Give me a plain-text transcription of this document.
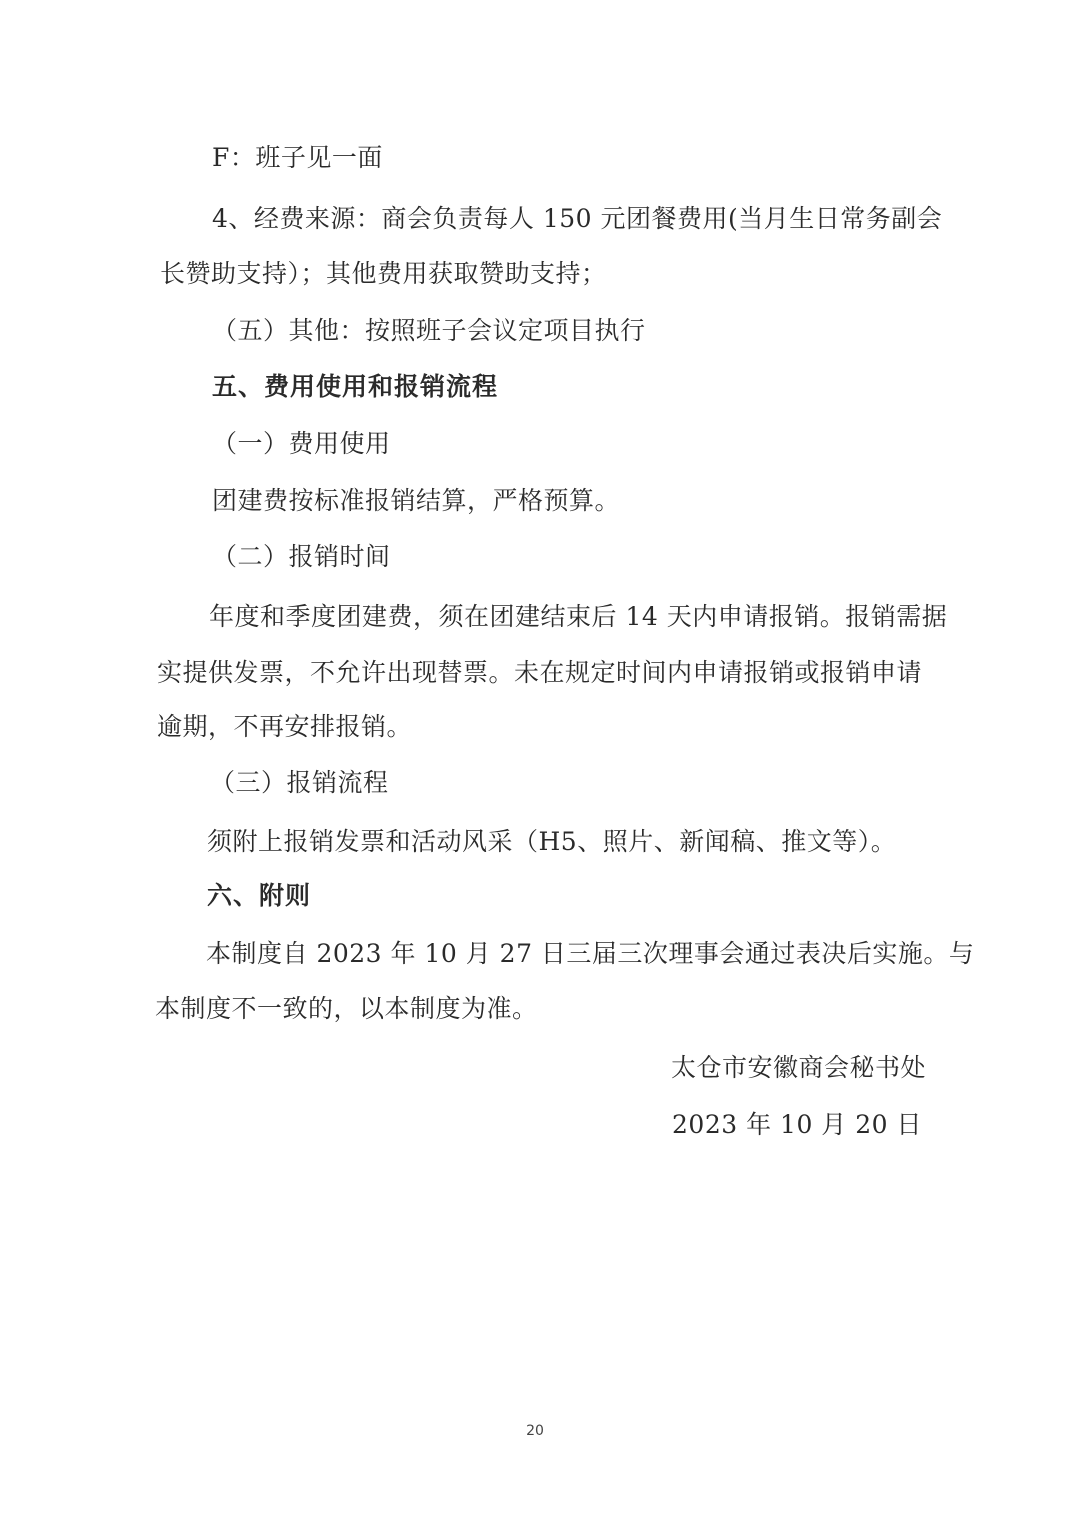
F：班子见一面
4、经费来源：商会负责每人 150 元团餐费用(当月生日常务副会
长赞助支持）；其他费用获取赞助支持；
（五）其他：按照班子会议定项目执行
五、费用使用和报销流程
（一）费用使用
团建费按标准报销结算，严格预算。
（二）报销时间
年度和季度团建费，须在团建结束后 14 天内申请报销。报销需据
实提供发票，不允许出现替票。未在规定时间内申请报销或报销申请
逾期，不再安排报销。
（三）报销流程
须附上报销发票和活动风采（H5、照片、新闻稿、推文等）。
六、附则
本制度自 2023 年 10 月 27 日三届三次理事会通过表决后实施。与
本制度不一致的，以本制度为准。
太仓市安徽商会秘书处
2023 年 10 月 20 日
20
